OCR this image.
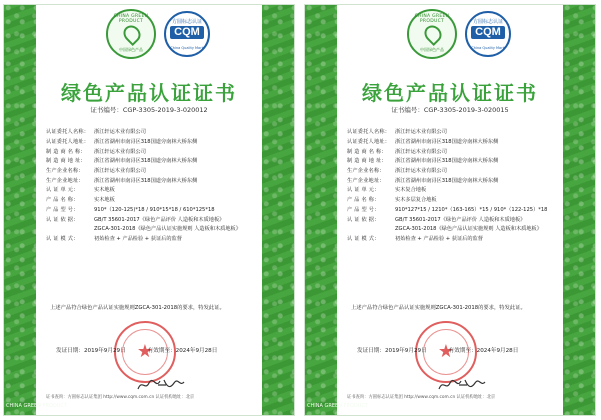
CHINA GREEN PRODUCT
CHINA GREEN PRODUCT
中国绿色产品
方圆标志认证
CQM
China Quality Mark
绿色产品认证证书
证书编号：CGP-3305-2019-3-020012
认证委托人名称： 浙江轩运木业有限公司
认证委托人地址： 浙江省湖州市南浔区318国道旁南林大桥东侧
制 造 商 名 称：	浙江轩运木业有限公司
制 造 商 地 址：	浙江省湖州市南浔区318国道旁南林大桥东侧
生产企业名称：	浙江轩运木业有限公司
生产企业地址：	浙江省湖州市南浔区318国道旁南林大桥东侧
认 证 单 元：	实木地板
产 品 名 称：	实木地板
产 品 型 号：	910*（120-125)*18 / 910*15*18 / 610*125*18
认 证 依 据：	GB/T 35601-2017《绿色产品评价 人造板和木质地板》
ZGCA-301-2018《绿色产品认证实施规则 人造板和木质地板》
认 证 模 式：	初始检查 + 产品检验 + 获证后的监督
上述产品符合绿色产品认证实施规则ZGCA-301-2018的要求，特发此证。
★
发证日期：2019年9月29日	有效期至：2024年9月28日
证书查询：方圆标志认证集团 http://www.cqm.com.cn 认证机构地址：北京
CHINA GREEN PRODUCT
CHINA GREEN PRODUCT
中国绿色产品
方圆标志认证
CQM
China Quality Mark
绿色产品认证证书
证书编号：CGP-3305-2019-3-020015
认证委托人名称： 浙江轩运木业有限公司
认证委托人地址： 浙江省湖州市南浔区318国道旁南林大桥东侧
制 造 商 名 称：	浙江轩运木业有限公司
制 造 商 地 址：	浙江省湖州市南浔区318国道旁南林大桥东侧
生产企业名称：	浙江轩运木业有限公司
生产企业地址：	浙江省湖州市南浔区318国道旁南林大桥东侧
认 证 单 元：	实木复合地板
产 品 名 称：	实木多层复合地板
产 品 型 号：	910*127*15 / 1210*（163-165）*15 / 910*（122-125）*18
认 证 依 据：	GB/T 35601-2017《绿色产品评价 人造板和木质地板》
ZGCA-301-2018《绿色产品认证实施规则 人造板和木质地板》
认 证 模 式：	初始检查 + 产品检验 + 获证后的监督
上述产品符合绿色产品认证实施规则ZGCA-301-2018的要求，特发此证。
★
发证日期：2019年9月29日	有效期至：2024年9月28日
证书查询：方圆标志认证集团 http://www.cqm.com.cn 认证机构地址：北京
